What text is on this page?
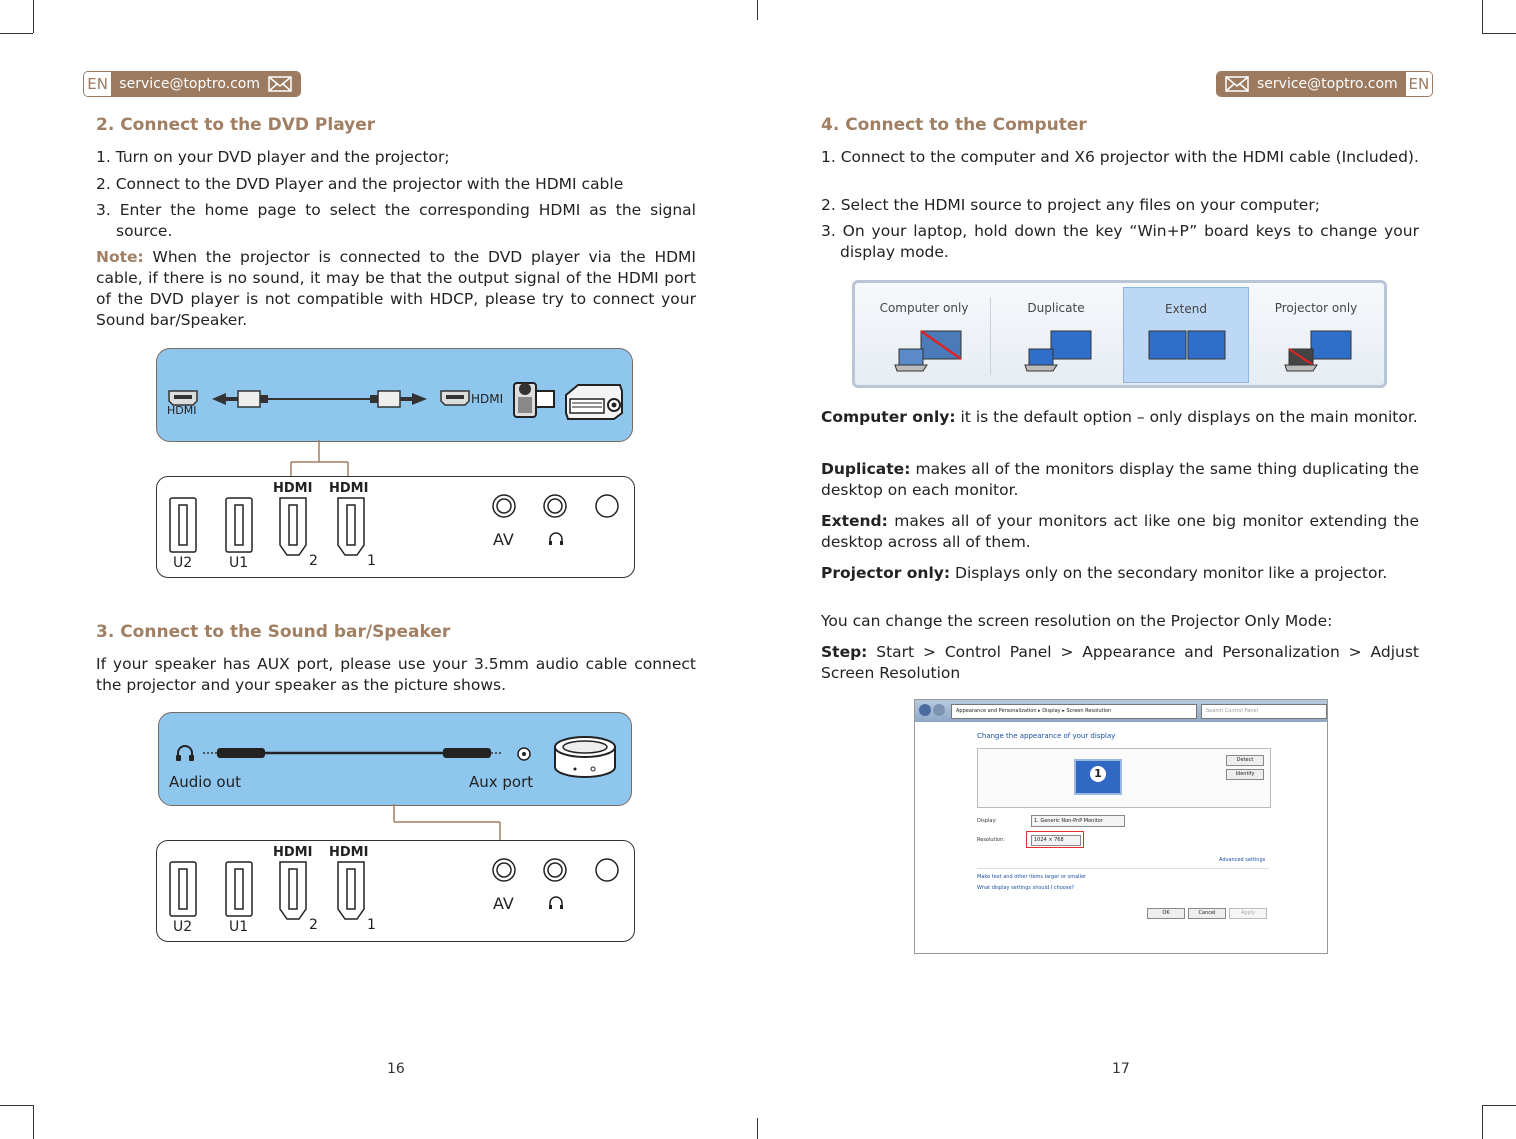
EN service@toptro.com
2. Connect to the DVD Player
1. Turn on your DVD player and the projector;
2. Connect to the DVD Player and the projector with the HDMI cable
3. Enter the home page to select the corresponding HDMI as the signal source.
Note: When the projector is connected to the DVD player via the HDMI cable, if there is no sound, it may be that the output signal of the HDMI port of the DVD player is not compatible with HDCP, please try to connect your Sound bar/Speaker.
HDMI
HDMI
HDMI HDMI
U2	U1	2	1
AV
3. Connect to the Sound bar/Speaker
If your speaker has AUX port, please use your 3.5mm audio cable connect the projector and your speaker as the picture shows.
Audio out	Aux port
HDMI HDMI
U2	U1	2	1
AV
16
service@toptro.com EN
4. Connect to the Computer
1. Connect to the computer and X6 projector with the HDMI cable (Included).
2. Select the HDMI source to project any files on your computer;
3. On your laptop, hold down the key “Win+P” board keys to change your display mode.
Computer only	Duplicate	Extend	Projector only
Computer only: it is the default option – only displays on the main monitor.
Duplicate: makes all of the monitors display the same thing duplicating the desktop on each monitor.
Extend: makes all of your monitors act like one big monitor extending the desktop across all of them.
Projector only: Displays only on the secondary monitor like a projector.
You can change the screen resolution on the Projector Only Mode:
Step: Start > Control Panel > Appearance and Personalization > Adjust Screen Resolution
Appearance and Personalization ▸ Display ▸ Screen Resolution	Search Control Panel
Change the appearance of your display
1
Detect
Identify
Display:	1. Generic Non-PnP Monitor
Resolution:	1024 × 768
Advanced settings
Make text and other items larger or smaller
What display settings should I choose?
OK	Cancel	Apply
17
